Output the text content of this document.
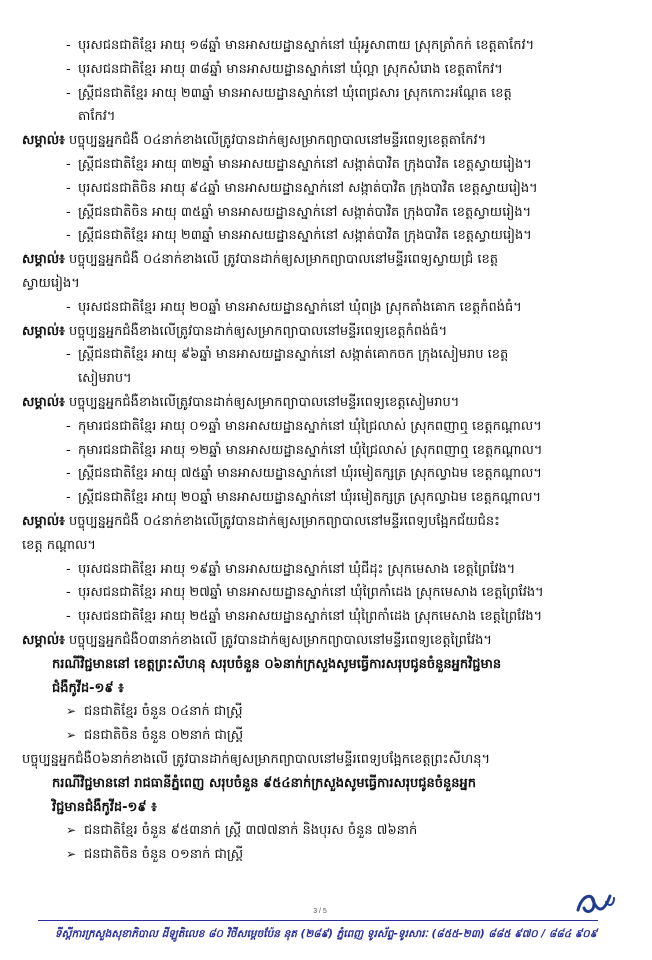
- បុរសជនជាតិខ្មែរ អាយុ ១៨ឆ្នាំ មានអាសយដ្ឋានស្នាក់នៅ ឃុំអូសាពាយ ស្រុកត្រាំកក់ ខេត្តតាកែវ។
- បុរសជនជាតិខ្មែរ អាយុ ៣៨ឆ្នាំ មានអាសយដ្ឋានស្នាក់នៅ ឃុំល្អា ស្រុកសំរោង ខេត្តតាកែវ។
- ស្ត្រីជនជាតិខ្មែរ អាយុ ២៣ឆ្នាំ មានអាសយដ្ឋានស្នាក់នៅ ឃុំពេជ្រសារ ស្រុកកោះអណ្តែត ខេត្ត
តាកែវ។
សម្គាល់៖ បច្ចុប្បន្នអ្នកជំងឺ ០៤នាក់ខាងលើត្រូវបានដាក់ឲ្យសម្រាកព្យាបាលនៅមន្ទីរពេទ្យខេត្តតាកែវ។
- ស្ត្រីជនជាតិខ្មែរ អាយុ ៣២ឆ្នាំ មានអាសយដ្ឋានស្នាក់នៅ សង្កាត់បាវិត ក្រុងបាវិត ខេត្តស្វាយរៀង។
- បុរសជនជាតិចិន អាយុ ៩៤ឆ្នាំ មានអាសយដ្ឋានស្នាក់នៅ សង្កាត់បាវិត ក្រុងបាវិត ខេត្តស្វាយរៀង។
- ស្ត្រីជនជាតិចិន អាយុ ៣៥ឆ្នាំ មានអាសយដ្ឋានស្នាក់នៅ សង្កាត់បាវិត ក្រុងបាវិត ខេត្តស្វាយរៀង។
- ស្ត្រីជនជាតិខ្មែរ អាយុ ២៣ឆ្នាំ មានអាសយដ្ឋានស្នាក់នៅ សង្កាត់បាវិត ក្រុងបាវិត ខេត្តស្វាយរៀង។
សម្គាល់៖ បច្ចុប្បន្នអ្នកជំងឺ ០៤នាក់ខាងលើ ត្រូវបានដាក់ឲ្យសម្រាកព្យាបាលនៅមន្ទីរពេទ្យស្វាយជ្រំ ខេត្ត
ស្វាយរៀង។
- បុរសជនជាតិខ្មែរ អាយុ ២០ឆ្នាំ មានអាសយដ្ឋានស្នាក់នៅ ឃុំពង្រ ស្រុកតាំងគោក ខេត្តកំពង់ធំ។
សម្គាល់៖ បច្ចុប្បន្នអ្នកជំងឺខាងលើត្រូវបានដាក់ឲ្យសម្រាកព្យាបាលនៅមន្ទីរពេទ្យខេត្តកំពង់ធំ។
- ស្ត្រីជនជាតិខ្មែរ អាយុ ៩៦ឆ្នាំ មានអាសយដ្ឋានស្នាក់នៅ សង្កាត់គោកចក ក្រុងសៀមរាប ខេត្ត
សៀមរាប។
សម្គាល់៖ បច្ចុប្បន្នអ្នកជំងឺខាងលើត្រូវបានដាក់ឲ្យសម្រាកព្យាបាលនៅមន្ទីរពេទ្យខេត្តសៀមរាប។
- កុមារជនជាតិខ្មែរ អាយុ ០១ឆ្នាំ មានអាសយដ្ឋានស្នាក់នៅ ឃុំជ្រៃលាស់ ស្រុកពញាឮ ខេត្តកណ្តាល។
- កុមារជនជាតិខ្មែរ អាយុ ១២ឆ្នាំ មានអាសយដ្ឋានស្នាក់នៅ ឃុំជ្រៃលាស់ ស្រុកពញាឮ ខេត្តកណ្តាល។
- ស្ត្រីជនជាតិខ្មែរ អាយុ ៧៥ឆ្នាំ មានអាសយដ្ឋានស្នាក់នៅ ឃុំរមៀតក្សត្រ ស្រុកល្វាឯម ខេត្តកណ្តាល។
- ស្ត្រីជនជាតិខ្មែរ អាយុ ២០ឆ្នាំ មានអាសយដ្ឋានស្នាក់នៅ ឃុំរមៀតក្សត្រ ស្រុកល្វាឯម ខេត្តកណ្តាល។
សម្គាល់៖ បច្ចុប្បន្នអ្នកជំងឺ ០៤នាក់ខាងលើត្រូវបានដាក់ឲ្យសម្រាកព្យាបាលនៅមន្ទីរពេទ្យបង្អែកជ័យជំនះ
ខេត្ត កណ្តាល។
- បុរសជនជាតិខ្មែរ អាយុ ១៩ឆ្នាំ មានអាសយដ្ឋានស្នាក់នៅ ឃុំជីដុះ ស្រុកមេសាង ខេត្តព្រៃវែង។
- បុរសជនជាតិខ្មែរ អាយុ ២៧ឆ្នាំ មានអាសយដ្ឋានស្នាក់នៅ ឃុំព្រៃកាំដេង ស្រុកមេសាង ខេត្តព្រៃវែង។
- បុរសជនជាតិខ្មែរ អាយុ ២៥ឆ្នាំ មានអាសយដ្ឋានស្នាក់នៅ ឃុំព្រៃកាំដេង ស្រុកមេសាង ខេត្តព្រៃវែង។
សម្គាល់៖ បច្ចុប្បន្នអ្នកជំងឺ០៣នាក់ខាងលើ ត្រូវបានដាក់ឲ្យសម្រាកព្យាបាលនៅមន្ទីរពេទ្យខេត្តព្រៃវែង។
ករណីវិជ្ជមាននៅ ខេត្តព្រះសីហនុ សរុបចំនួន ០៦នាក់ក្រសួងសូមធ្វើការសរុបជូនចំនួនអ្នកវិជ្ជមាន
ជំងឺកូវីដ-១៩ ៖
➢ ជនជាតិខ្មែរ ចំនួន ០៤នាក់ ជាស្ត្រី
➢ ជនជាតិចិន ចំនួន ០២នាក់ ជាស្ត្រី
បច្ចុប្បន្នអ្នកជំងឺ០៦នាក់ខាងលើ ត្រូវបានដាក់ឲ្យសម្រាកព្យាបាលនៅមន្ទីរពេទ្យបង្អែកខេត្តព្រះសីហនុ។
ករណីវិជ្ជមាននៅ រាជធានីភ្នំពេញ សរុបចំនួន ៩៥៤នាក់ក្រសួងសូមធ្វើការសរុបជូនចំនួនអ្នក
វិជ្ជមានជំងឺកូវីដ-១៩ ៖
➢ ជនជាតិខ្មែរ ចំនួន ៩៥៣នាក់ ស្ត្រី ៣៧៧នាក់ និងបុរស ចំនួន ៧៦នាក់
➢ ជនជាតិចិន ចំនួន ០១នាក់ ជាស្ត្រី
3 / 5
ទីស្តីការក្រសួងសុខាភិបាល ដីឡូតិលេខ ៨០ វិថីសម្តេចប៉ែន នុត (២៨៩) ភ្នំពេញ ទូរស័ព្ទ-ទូរសារៈ (៨៥៥-២៣) ៨៨៥ ៩៧០ / ៨៨៤ ៩០៩
